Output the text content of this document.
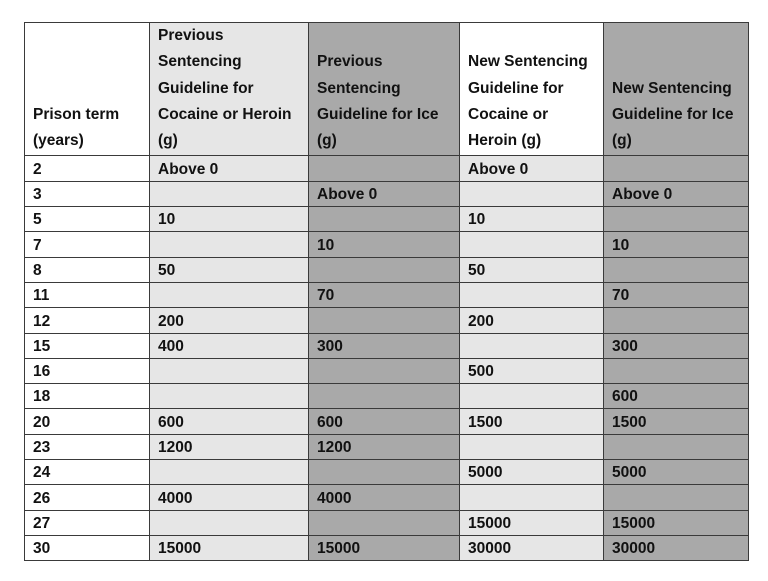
Prison term (years)	Previous Sentencing Guideline for Cocaine or Heroin (g)	Previous Sentencing Guideline for Ice (g)	New Sentencing Guideline for Cocaine or Heroin (g)	New Sentencing Guideline for Ice (g)
2	Above 0		Above 0	
3		Above 0		Above 0
5	10		10	
7		10		10
8	50		50	
11		70		70
12	200		200	
15	400	300		300
16			500	
18				600
20	600	600	1500	1500
23	1200	1200		
24			5000	5000
26	4000	4000		
27			15000	15000
30	15000	15000	30000	30000
